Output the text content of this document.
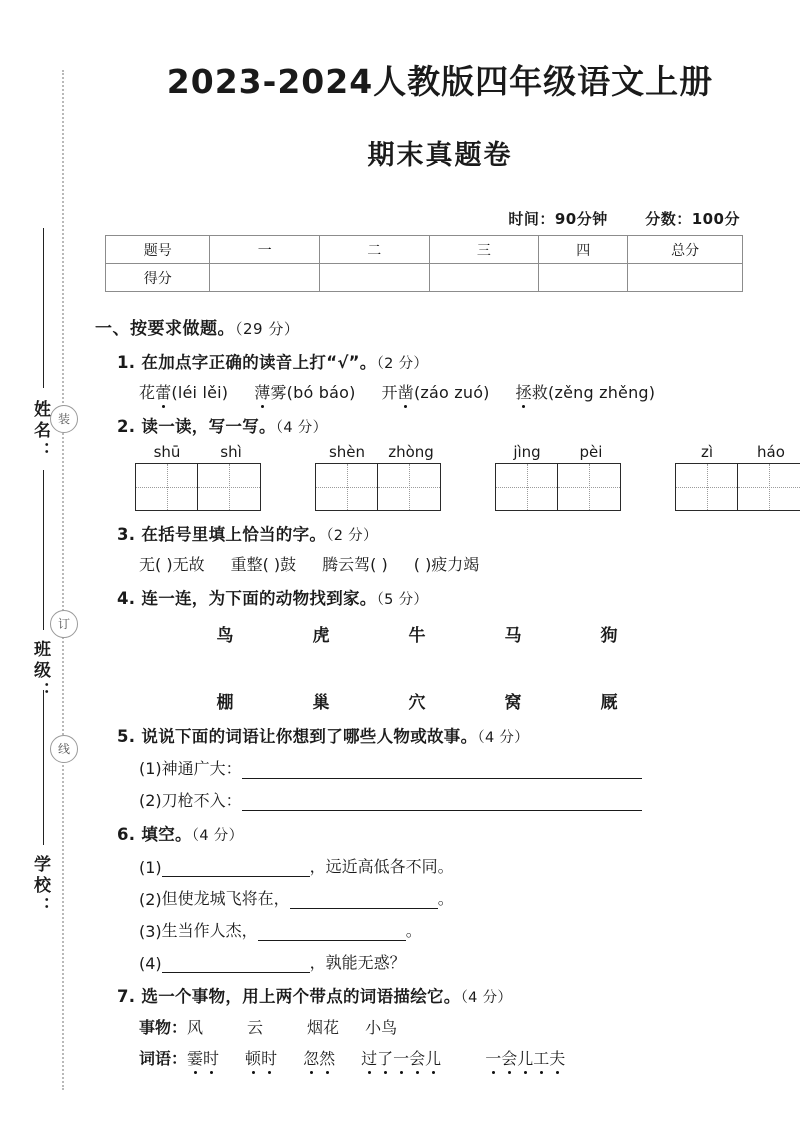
姓名：
班级：
学校：
装
订
线
2023-2024人教版四年级语文上册
期末真题卷
时间：90分钟 分数：100分
题号	一	二	三	四	总分
得分					
一、按要求做题。（29 分）
1. 在加点字正确的读音上打“√”。（2 分）
花蕾(léi lěi) 薄雾(bó báo) 开凿(záo zuó) 拯救(zěng zhěng)
2. 读一读，写一写。（4 分）
shū	shì	shèn	zhòng	jìng	pèi	zì	háo
3. 在括号里填上恰当的字。（2 分）
无( )无故 重整( )鼓 腾云驾( ) ( )疲力竭
4. 连一连，为下面的动物找到家。（5 分）
鸟	虎	牛	马	狗
棚	巢	穴	窝	厩
5. 说说下面的词语让你想到了哪些人物或故事。（4 分）
(1)神通广大：
(2)刀枪不入：
6. 填空。（4 分）
(1)	，远近高低各不同。
(2) 但使龙城飞将在，	。
(3) 生当作人杰，	。
(4)	，孰能无惑？
7. 选一个事物，用上两个带点的词语描绘它。（4 分）
事物：风	云	烟花 小鸟
词语：霎时 顿时 忽然 过了一会儿	一会儿工夫
